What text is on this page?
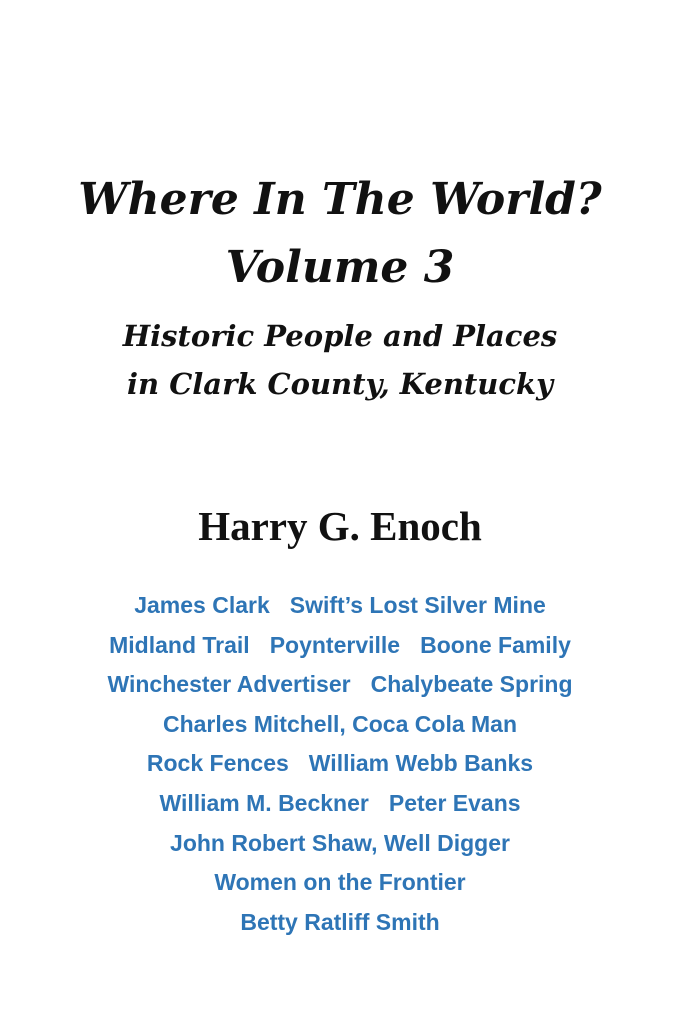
Where In The World?
Volume 3
Historic People and Places
in Clark County, Kentucky
Harry G. Enoch
James Clark Swift’s Lost Silver Mine
Midland Trail Poynterville Boone Family
Winchester Advertiser Chalybeate Spring
Charles Mitchell, Coca Cola Man
Rock Fences William Webb Banks
William M. Beckner Peter Evans
John Robert Shaw, Well Digger
Women on the Frontier
Betty Ratliff Smith
